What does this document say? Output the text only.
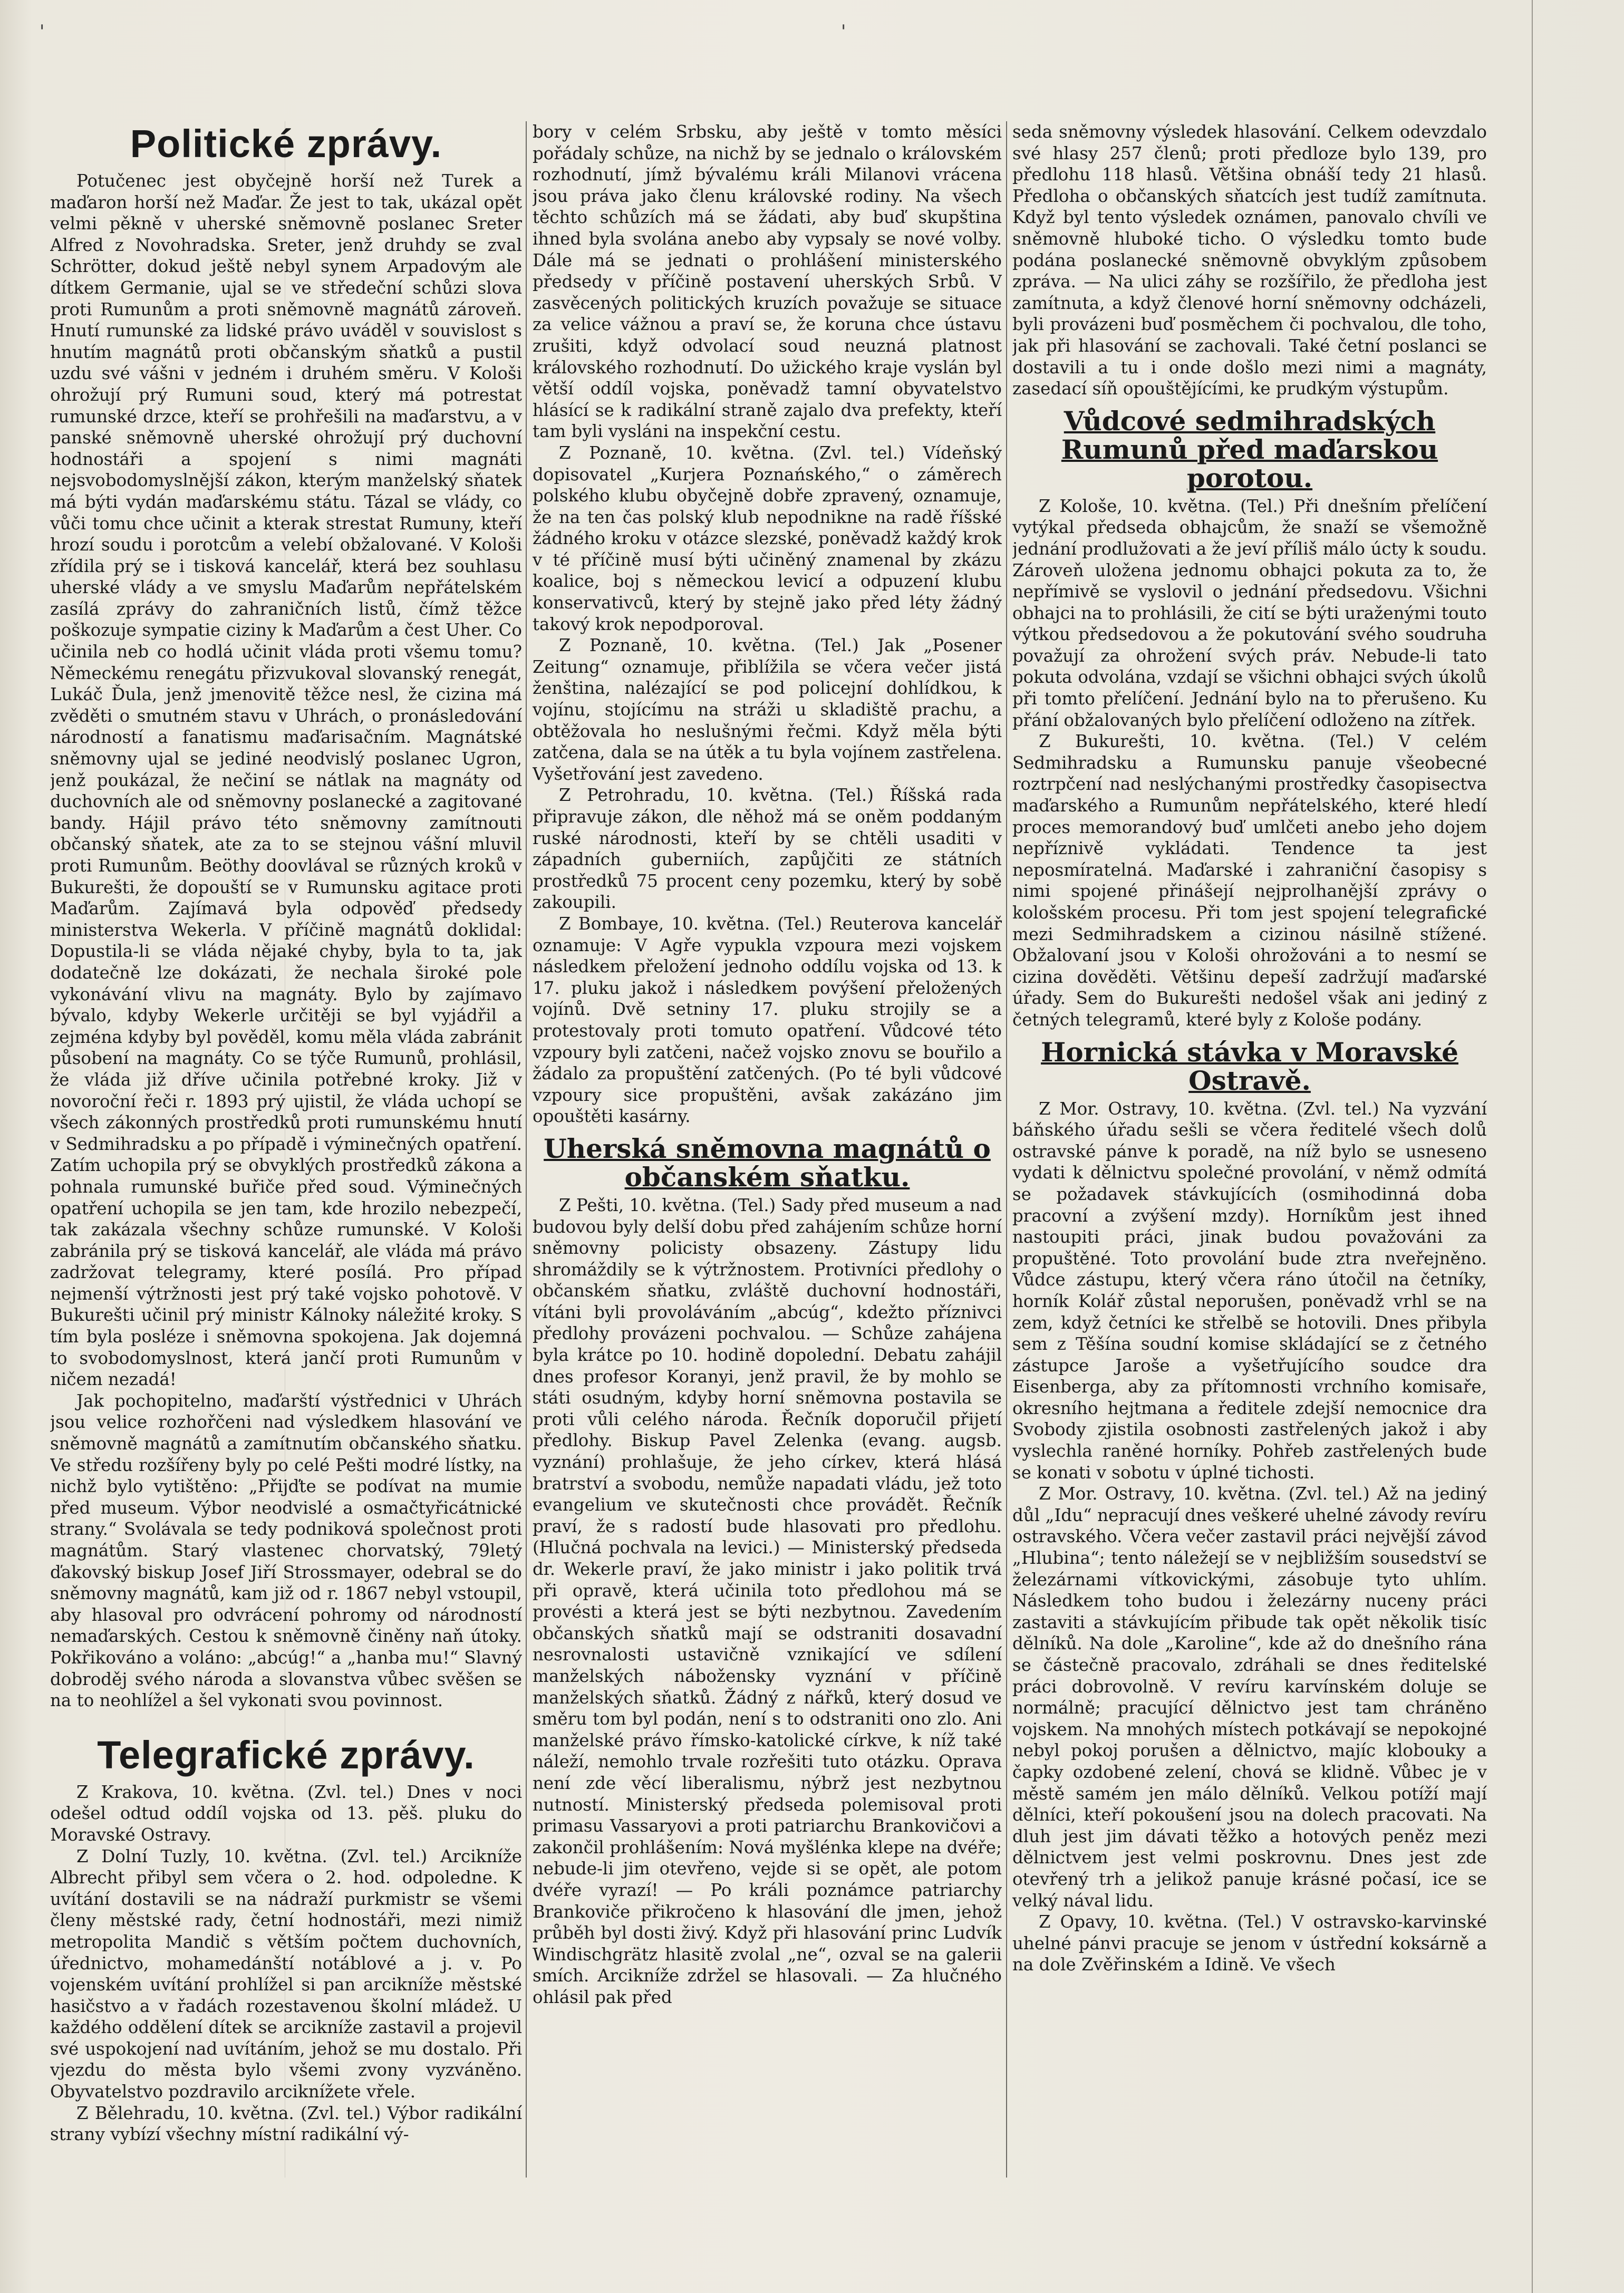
'	'
Politické zprávy.

Potučenec jest obyčejně horší než Turek a maďaron horší než Maďar. Že jest to tak, ukázal opět velmi pěkně v uherské sněmovně poslanec Sreter Alfred z Novohradska. Sreter, jenž druhdy se zval Schrötter, dokud ještě nebyl synem Arpadovým ale dítkem Germanie, ujal se ve středeční schůzi slova proti Rumunům a proti sněmovně magnátů zároveň. Hnutí rumunské za lidské právo uváděl v souvislost s hnutím magnátů proti občanským sňatků a pustil uzdu své vášni v jedném i druhém směru. V Kološi ohrožují prý Rumuni soud, který má potrestat rumunské drzce, kteří se prohřešili na maďarstvu, a v panské sněmovně uherské ohrožují prý duchovní hodnostáři a spojení s nimi magnáti nejsvobodomyslnější zákon, kterým manželský sňatek má býti vydán maďarskému státu. Tázal se vlády, co vůči tomu chce učinit a kterak strestat Rumuny, kteří hrozí soudu i porotcům a velebí obžalované. V Kološi zřídila prý se i tisková kancelář, která bez souhlasu uherské vlády a ve smyslu Maďarům nepřátelském zasílá zprávy do zahraničních listů, čímž těžce poškozuje sympatie ciziny k Maďarům a čest Uher. Co učinila neb co hodlá učinit vláda proti všemu tomu? Německému renegátu přizvukoval slovanský renegát, Lukáč Ďula, jenž jmenovitě těžce nesl, že cizina má zvěděti o smutném stavu v Uhrách, o pronásledování národností a fanatismu maďarisačním. Magnátské sněmovny ujal se jediné neodvislý poslanec Ugron, jenž poukázal, že nečiní se nátlak na magnáty od duchovních ale od sněmovny poslanecké a zagitované bandy. Hájil právo této sněmovny zamítnouti občanský sňatek, ate za to se stejnou vášní mluvil proti Rumunům. Beöthy doovlával se různých kroků v Bukurešti, že dopouští se v Rumunsku agitace proti Maďarům. Zajímavá byla odpověď předsedy ministerstva Wekerla. V příčině magnátů doklidal: Dopustila-li se vláda nějaké chyby, byla to ta, jak dodatečně lze dokázati, že nechala široké pole vykonávání vlivu na magnáty. Bylo by zajímavo bývalo, kdyby Wekerle určitěji se byl vyjádřil a zejména kdyby byl pověděl, komu měla vláda zabránit působení na magnáty. Co se týče Rumunů, prohlásil, že vláda již dříve učinila potřebné kroky. Již v novoroční řeči r. 1893 prý ujistil, že vláda uchopí se všech zákonných prostředků proti rumunskému hnutí v Sedmihradsku a po případě i výminečných opatření. Zatím uchopila prý se obvyklých prostředků zákona a pohnala rumunské buřiče před soud. Výminečných opatření uchopila se jen tam, kde hrozilo nebezpečí, tak zakázala všechny schůze rumunské. V Kološi zabránila prý se tisková kancelář, ale vláda má právo zadržovat telegramy, které posílá. Pro případ nejmenší výtržnosti jest prý také vojsko pohotově. V Bukurešti učinil prý ministr Kálnoky náležité kroky. S tím byla posléze i sněmovna spokojena. Jak dojemná to svobodomyslnost, která jančí proti Rumunům v ničem nezadá!

Jak pochopitelno, maďarští výstřednici v Uhrách jsou velice rozhořčeni nad výsledkem hlasování ve sněmovně magnátů a zamítnutím občanského sňatku. Ve středu rozšířeny byly po celé Pešti modré lístky, na nichž bylo vytištěno: „Přijďte se podívat na mumie před museum. Výbor neodvislé a osmačtyřicátnické strany.“ Svolávala se tedy podniková společnost proti magnátům. Starý vlastenec chorvatský, 79letý ďakovský biskup Josef Jiří Strossmayer, odebral se do sněmovny magnátů, kam již od r. 1867 nebyl vstoupil, aby hlasoval pro odvrácení pohromy od národností nemaďarských. Cestou k sněmovně činěny naň útoky. Pokřikováno a voláno: „abcúg!“ a „hanba mu!“ Slavný dobroděj svého národa a slovanstva vůbec svěšen se na to neohlížel a šel vykonati svou povinnost.

Telegrafické zprávy.

Z Krakova, 10. května. (Zvl. tel.) Dnes v noci odešel odtud oddíl vojska od 13. pěš. pluku do Moravské Ostravy.

Z Dolní Tuzly, 10. května. (Zvl. tel.) Arcikníže Albrecht přibyl sem včera o 2. hod. odpoledne. K uvítání dostavili se na nádraží purkmistr se všemi členy městské rady, četní hodnostáři, mezi nimiž metropolita Mandič s větším počtem duchovních, úřednictvo, mohamedánští notáblové a j. v. Po vojenském uvítání prohlížel si pan arcikníže městské hasičstvo a v řadách rozestavenou školní mládež. U každého oddělení dítek se arcikníže zastavil a projevil své uspokojení nad uvítáním, jehož se mu dostalo. Při vjezdu do města bylo všemi zvony vyzváněno. Obyvatelstvo pozdravilo arciknížete vřele.

Z Bělehradu, 10. května. (Zvl. tel.) Výbor radikální strany vybízí všechny místní radikální vý-

bory v celém Srbsku, aby ještě v tomto měsíci pořádaly schůze, na nichž by se jednalo o královském rozhodnutí, jímž bývalému králi Milanovi vrácena jsou práva jako členu královské rodiny. Na všech těchto schůzích má se žádati, aby buď skupština ihned byla svolána anebo aby vypsaly se nové volby. Dále má se jednati o prohlášení ministerského předsedy v příčině postavení uherských Srbů. V zasvěcených politických kruzích považuje se situace za velice vážnou a praví se, že koruna chce ústavu zrušiti, když odvolací soud neuzná platnost královského rozhodnutí. Do užického kraje vyslán byl větší oddíl vojska, poněvadž tamní obyvatelstvo hlásící se k radikální straně zajalo dva prefekty, kteří tam byli vysláni na inspekční cestu.

Z Poznaně, 10. května. (Zvl. tel.) Vídeňský dopisovatel „Kurjera Poznańského,“ o záměrech polského klubu obyčejně dobře zpravený, oznamuje, že na ten čas polský klub nepodnikne na radě říšské žádného kroku v otázce slezské, poněvadž každý krok v té příčině musí býti učiněný znamenal by zkázu koalice, boj s německou levicí a odpuzení klubu konservativců, který by stejně jako před léty žádný takový krok nepodporoval.

Z Poznaně, 10. května. (Tel.) Jak „Posener Zeitung“ oznamuje, přiblížila se včera večer jistá ženština, nalézající se pod policejní dohlídkou, k vojínu, stojícímu na stráži u skladiště prachu, a obtěžovala ho neslušnými řečmi. Když měla býti zatčena, dala se na útěk a tu byla vojínem zastřelena. Vyšetřování jest zavedeno.

Z Petrohradu, 10. května. (Tel.) Říšská rada připravuje zákon, dle něhož má se oněm poddaným ruské národnosti, kteří by se chtěli usaditi v západních guberniích, zapůjčiti ze státních prostředků 75 procent ceny pozemku, který by sobě zakoupili.

Z Bombaye, 10. května. (Tel.) Reuterova kancelář oznamuje: V Agře vypukla vzpoura mezi vojskem následkem přeložení jednoho oddílu vojska od 13. k 17. pluku jakož i následkem povýšení přeložených vojínů. Dvě setniny 17. pluku strojily se a protestovaly proti tomuto opatření. Vůdcové této vzpoury byli zatčeni, načež vojsko znovu se bouřilo a žádalo za propuštění zatčených. (Po té byli vůdcové vzpoury sice propuštěni, avšak zakázáno jim opouštěti kasárny.

Uherská sněmovna magnátů o občanském sňatku.

Z Pešti, 10. května. (Tel.) Sady před museum a nad budovou byly delší dobu před zahájením schůze horní sněmovny policisty obsazeny. Zástupy lidu shromáždily se k výtržnostem. Protivníci předlohy o občanském sňatku, zvláště duchovní hodnostáři, vítáni byli provoláváním „abcúg“, kdežto příznivci předlohy provázeni pochvalou. — Schůze zahájena byla krátce po 10. hodině dopolední. Debatu zahájil dnes profesor Koranyi, jenž pravil, že by mohlo se státi osudným, kdyby horní sněmovna postavila se proti vůli celého národa. Řečník doporučil přijetí předlohy. Biskup Pavel Zelenka (evang. augsb. vyznání) prohlašuje, že jeho církev, která hlásá bratrství a svobodu, nemůže napadati vládu, jež toto evangelium ve skutečnosti chce provádět. Řečník praví, že s radostí bude hlasovati pro předlohu. (Hlučná pochvala na levici.) — Ministerský předseda dr. Wekerle praví, že jako ministr i jako politik trvá při opravě, která učinila toto předlohou má se provésti a která jest se býti nezbytnou. Zavedením občanských sňatků mají se odstraniti dosavadní nesrovnalosti ustavičně vznikající ve sdílení manželských nábožensky vyznání v příčině manželských sňatků. Žádný z nářků, který dosud ve směru tom byl podán, není s to odstraniti ono zlo. Ani manželské právo římsko-katolické církve, k níž také náleží, nemohlo trvale rozřešiti tuto otázku. Oprava není zde věcí liberalismu, nýbrž jest nezbytnou nutností. Ministerský předseda polemisoval proti primasu Vassaryovi a proti patriarchu Brankovičovi a zakončil prohlášením: Nová myšlénka klepe na dvéře; nebude-li jim otevřeno, vejde si se opět, ale potom dvéře vyrazí! — Po králi poznámce patriarchy Brankoviče přikročeno k hlasování dle jmen, jehož průběh byl dosti živý. Když při hlasování princ Ludvík Windischgrätz hlasitě zvolal „ne“, ozval se na galerii smích. Arcikníže zdržel se hlasovali. — Za hlučného ohlásil pak před

seda sněmovny výsledek hlasování. Celkem odevzdalo své hlasy 257 členů; proti předloze bylo 139, pro předlohu 118 hlasů. Většina obnáší tedy 21 hlasů. Předloha o občanských sňatcích jest tudíž zamítnuta. Když byl tento výsledek oznámen, panovalo chvíli ve sněmovně hluboké ticho. O výsledku tomto bude podána poslanecké sněmovně obvyklým způsobem zpráva. — Na ulici záhy se rozšířilo, že předloha jest zamítnuta, a když členové horní sněmovny odcházeli, byli provázeni buď posměchem či pochvalou, dle toho, jak při hlasování se zachovali. Také četní poslanci se dostavili a tu i onde došlo mezi nimi a magnáty, zasedací síň opouštějícími, ke prudkým výstupům.

Vůdcové sedmihradských Rumunů před maďarskou porotou.

Z Kološe, 10. května. (Tel.) Při dnešním přelíčení vytýkal předseda obhajcům, že snaží se všemožně jednání prodlužovati a že jeví příliš málo úcty k soudu. Zároveň uložena jednomu obhajci pokuta za to, že nepřímivě se vyslovil o jednání předsedovu. Všichni obhajci na to prohlásili, že cití se býti uraženými touto výtkou předsedovou a že pokutování svého soudruha považují za ohrožení svých práv. Nebude-li tato pokuta odvolána, vzdají se všichni obhajci svých úkolů při tomto přelíčení. Jednání bylo na to přerušeno. Ku přání obžalovaných bylo přelíčení odloženo na zítřek.

Z Bukurešti, 10. května. (Tel.) V celém Sedmihradsku a Rumunsku panuje všeobecné roztrpčení nad neslýchanými prostředky časopisectva maďarského a Rumunům nepřátelského, které hledí proces memorandový buď umlčeti anebo jeho dojem nepříznivě vykládati. Tendence ta jest neposmíratelná. Maďarské i zahraniční časopisy s nimi spojené přinášejí nejprolhanější zprávy o kološském procesu. Při tom jest spojení telegrafické mezi Sedmihradskem a cizinou násilně stížené. Obžalovaní jsou v Kološi ohrožováni a to nesmí se cizina dověděti. Většinu depeší zadržují maďarské úřady. Sem do Bukurešti nedošel však ani jediný z četných telegramů, které byly z Kološe podány.

Hornická stávka v Moravské Ostravě.

Z Mor. Ostravy, 10. května. (Zvl. tel.) Na vyzvání báňského úřadu sešli se včera ředitelé všech dolů ostravské pánve k poradě, na níž bylo se usneseno vydati k dělnictvu společné provolání, v němž odmítá se požadavek stávkujících (osmihodinná doba pracovní a zvýšení mzdy). Horníkům jest ihned nastoupiti práci, jinak budou považováni za propuštěné. Toto provolání bude ztra nveřejněno. Vůdce zástupu, který včera ráno útočil na četníky, horník Kolář zůstal neporušen, poněvadž vrhl se na zem, když četníci ke střelbě se hotovili. Dnes přibyla sem z Těšína soudní komise skládající se z četného zástupce Jaroše a vyšetřujícího soudce dra Eisenberga, aby za přítomnosti vrchního komisaře, okresního hejtmana a ředitele zdejší nemocnice dra Svobody zjistila osobnosti zastřelených jakož i aby vyslechla raněné horníky. Pohřeb zastřelených bude se konati v sobotu v úplné tichosti.

Z Mor. Ostravy, 10. května. (Zvl. tel.) Až na jediný důl „Idu“ nepracují dnes veškeré uhelné závody revíru ostravského. Včera večer zastavil práci nejvější závod „Hlubina“; tento náležejí se v nejbližším sousedství se železárnami vítkovickými, zásobuje tyto uhlím. Následkem toho budou i železárny nuceny práci zastaviti a stávkujícím přibude tak opět několik tisíc dělníků. Na dole „Karoline“, kde až do dnešního rána se částečně pracovalo, zdráhali se dnes ředitelské práci dobrovolně. V revíru karvínském doluje se normálně; pracující dělnictvo jest tam chráněno vojskem. Na mnohých místech potkávají se nepokojné nebyl pokoj porušen a dělnictvo, majíc klobouky a čapky ozdobené zelení, chová se klidně. Vůbec je v městě samém jen málo dělníků. Velkou potíží mají dělníci, kteří pokoušení jsou na dolech pracovati. Na dluh jest jim dávati těžko a hotových peněz mezi dělnictvem jest velmi poskrovnu. Dnes jest zde otevřený trh a jelikož panuje krásné počasí, ice se velký nával lidu.

Z Opavy, 10. května. (Tel.) V ostravsko-karvinské uhelné pánvi pracuje se jenom v ústřední koksárně a na dole Zvěřinském a Idině. Ve všech
